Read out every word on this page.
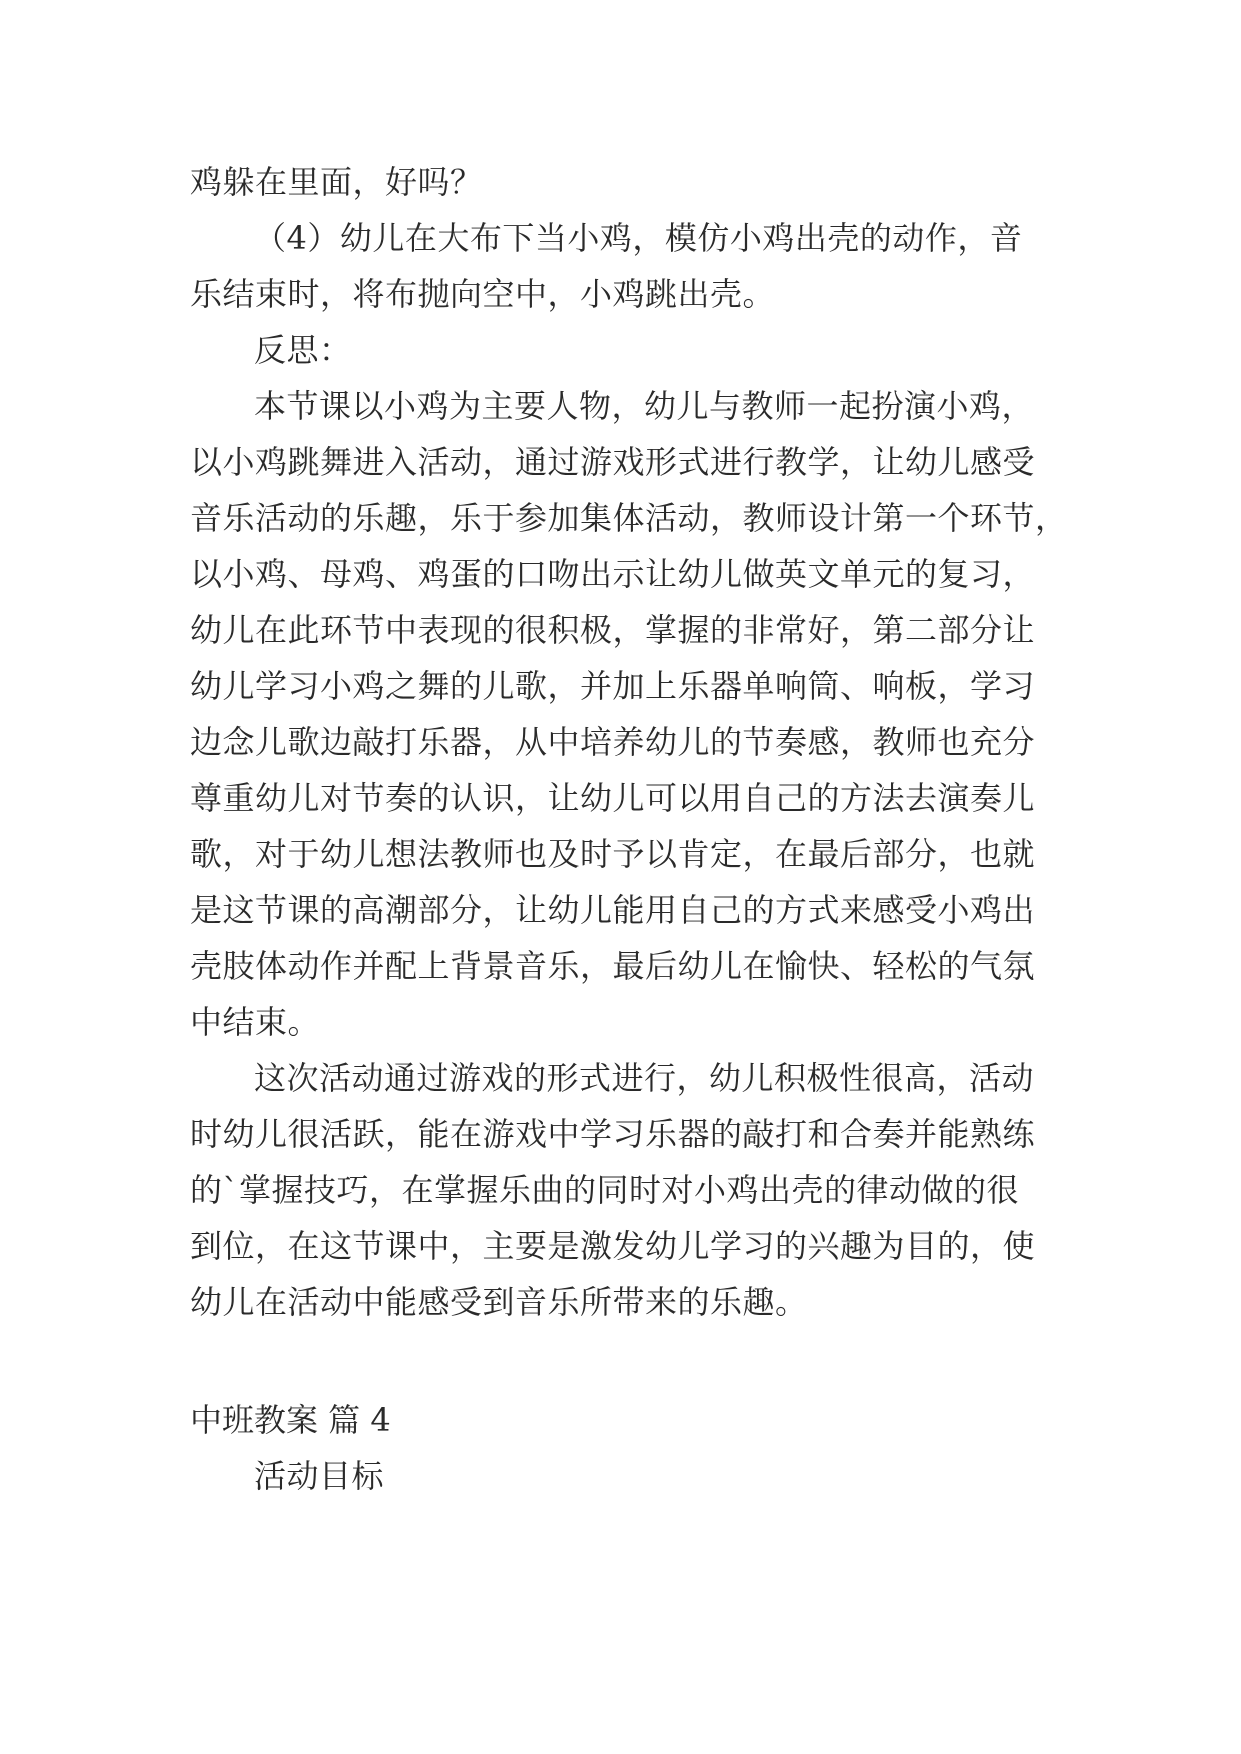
鸡躲在里面，好吗？
（4）幼儿在大布下当小鸡，模仿小鸡出壳的动作，音
乐结束时，将布抛向空中，小鸡跳出壳。
反思：
本节课以小鸡为主要人物，幼儿与教师一起扮演小鸡，
以小鸡跳舞进入活动，通过游戏形式进行教学，让幼儿感受
音乐活动的乐趣，乐于参加集体活动，教师设计第一个环节，
以小鸡、母鸡、鸡蛋的口吻出示让幼儿做英文单元的复习，
幼儿在此环节中表现的很积极，掌握的非常好，第二部分让
幼儿学习小鸡之舞的儿歌，并加上乐器单响筒、响板，学习
边念儿歌边敲打乐器，从中培养幼儿的节奏感，教师也充分
尊重幼儿对节奏的认识，让幼儿可以用自己的方法去演奏儿
歌，对于幼儿想法教师也及时予以肯定，在最后部分，也就
是这节课的高潮部分，让幼儿能用自己的方式来感受小鸡出
壳肢体动作并配上背景音乐，最后幼儿在愉快、轻松的气氛
中结束。
这次活动通过游戏的形式进行，幼儿积极性很高，活动
时幼儿很活跃，能在游戏中学习乐器的敲打和合奏并能熟练
的`掌握技巧，在掌握乐曲的同时对小鸡出壳的律动做的很
到位，在这节课中，主要是激发幼儿学习的兴趣为目的，使
幼儿在活动中能感受到音乐所带来的乐趣。
中班教案 篇 4
活动目标
